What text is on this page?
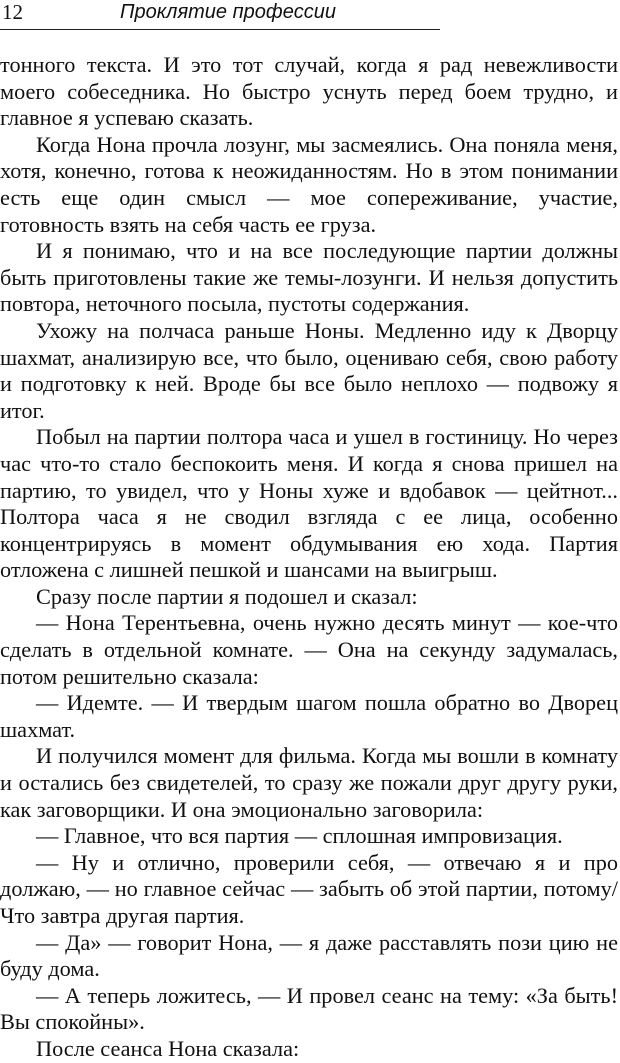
12	Проклятие профессии

тонного текста. И это тот случай, когда я рад невежливости моего собеседника. Но быстро уснуть перед боем трудно, и главное я успеваю сказать.

Когда Нона прочла лозунг, мы засмеялись. Она поняла меня, хотя, конечно, готова к неожиданностям. Но в этом понимании есть еще один смысл — мое сопереживание, участие, готовность взять на себя часть ее груза.

И я понимаю, что и на все последующие партии должны быть приготовлены такие же темы-лозунги. И нельзя допустить повтора, неточного посыла, пустоты содержания.

Ухожу на полчаса раньше Ноны. Медленно иду к Дворцу шахмат, анализирую все, что было, оцениваю себя, свою работу и подготовку к ней. Вроде бы все было неплохо — подвожу я итог.

Побыл на партии полтора часа и ушел в гостиницу. Но через час что-то стало беспокоить меня. И когда я снова пришел на партию, то увидел, что у Ноны хуже и вдобавок — цейтнот... Полтора часа я не сводил взгляда с ее лица, особенно концентрируясь в момент обдумывания ею хода. Партия отложена с лишней пешкой и шансами на выигрыш.

Сразу после партии я подошел и сказал:

— Нона Терентьевна, очень нужно десять минут — кое-что сделать в отдельной комнате. — Она на секунду задумалась, потом решительно сказала:

— Идемте. — И твердым шагом пошла обратно во Дворец шахмат.

И получился момент для фильма. Когда мы вошли в комнату и остались без свидетелей, то сразу же пожали друг другу руки, как заговорщики. И она эмоционально заговорила:

— Главное, что вся партия — сплошная импровизация.

— Ну и отлично, проверили себя, — отвечаю я и про должаю, — но главное сейчас — забыть об этой партии, потому/Что завтра другая партия.

— Да» — говорит Нона, — я даже расставлять пози цию не буду дома.

— А теперь ложитесь, — И провел сеанс на тему: «За быть! Вы спокойны».

После сеанса Нона сказала:
